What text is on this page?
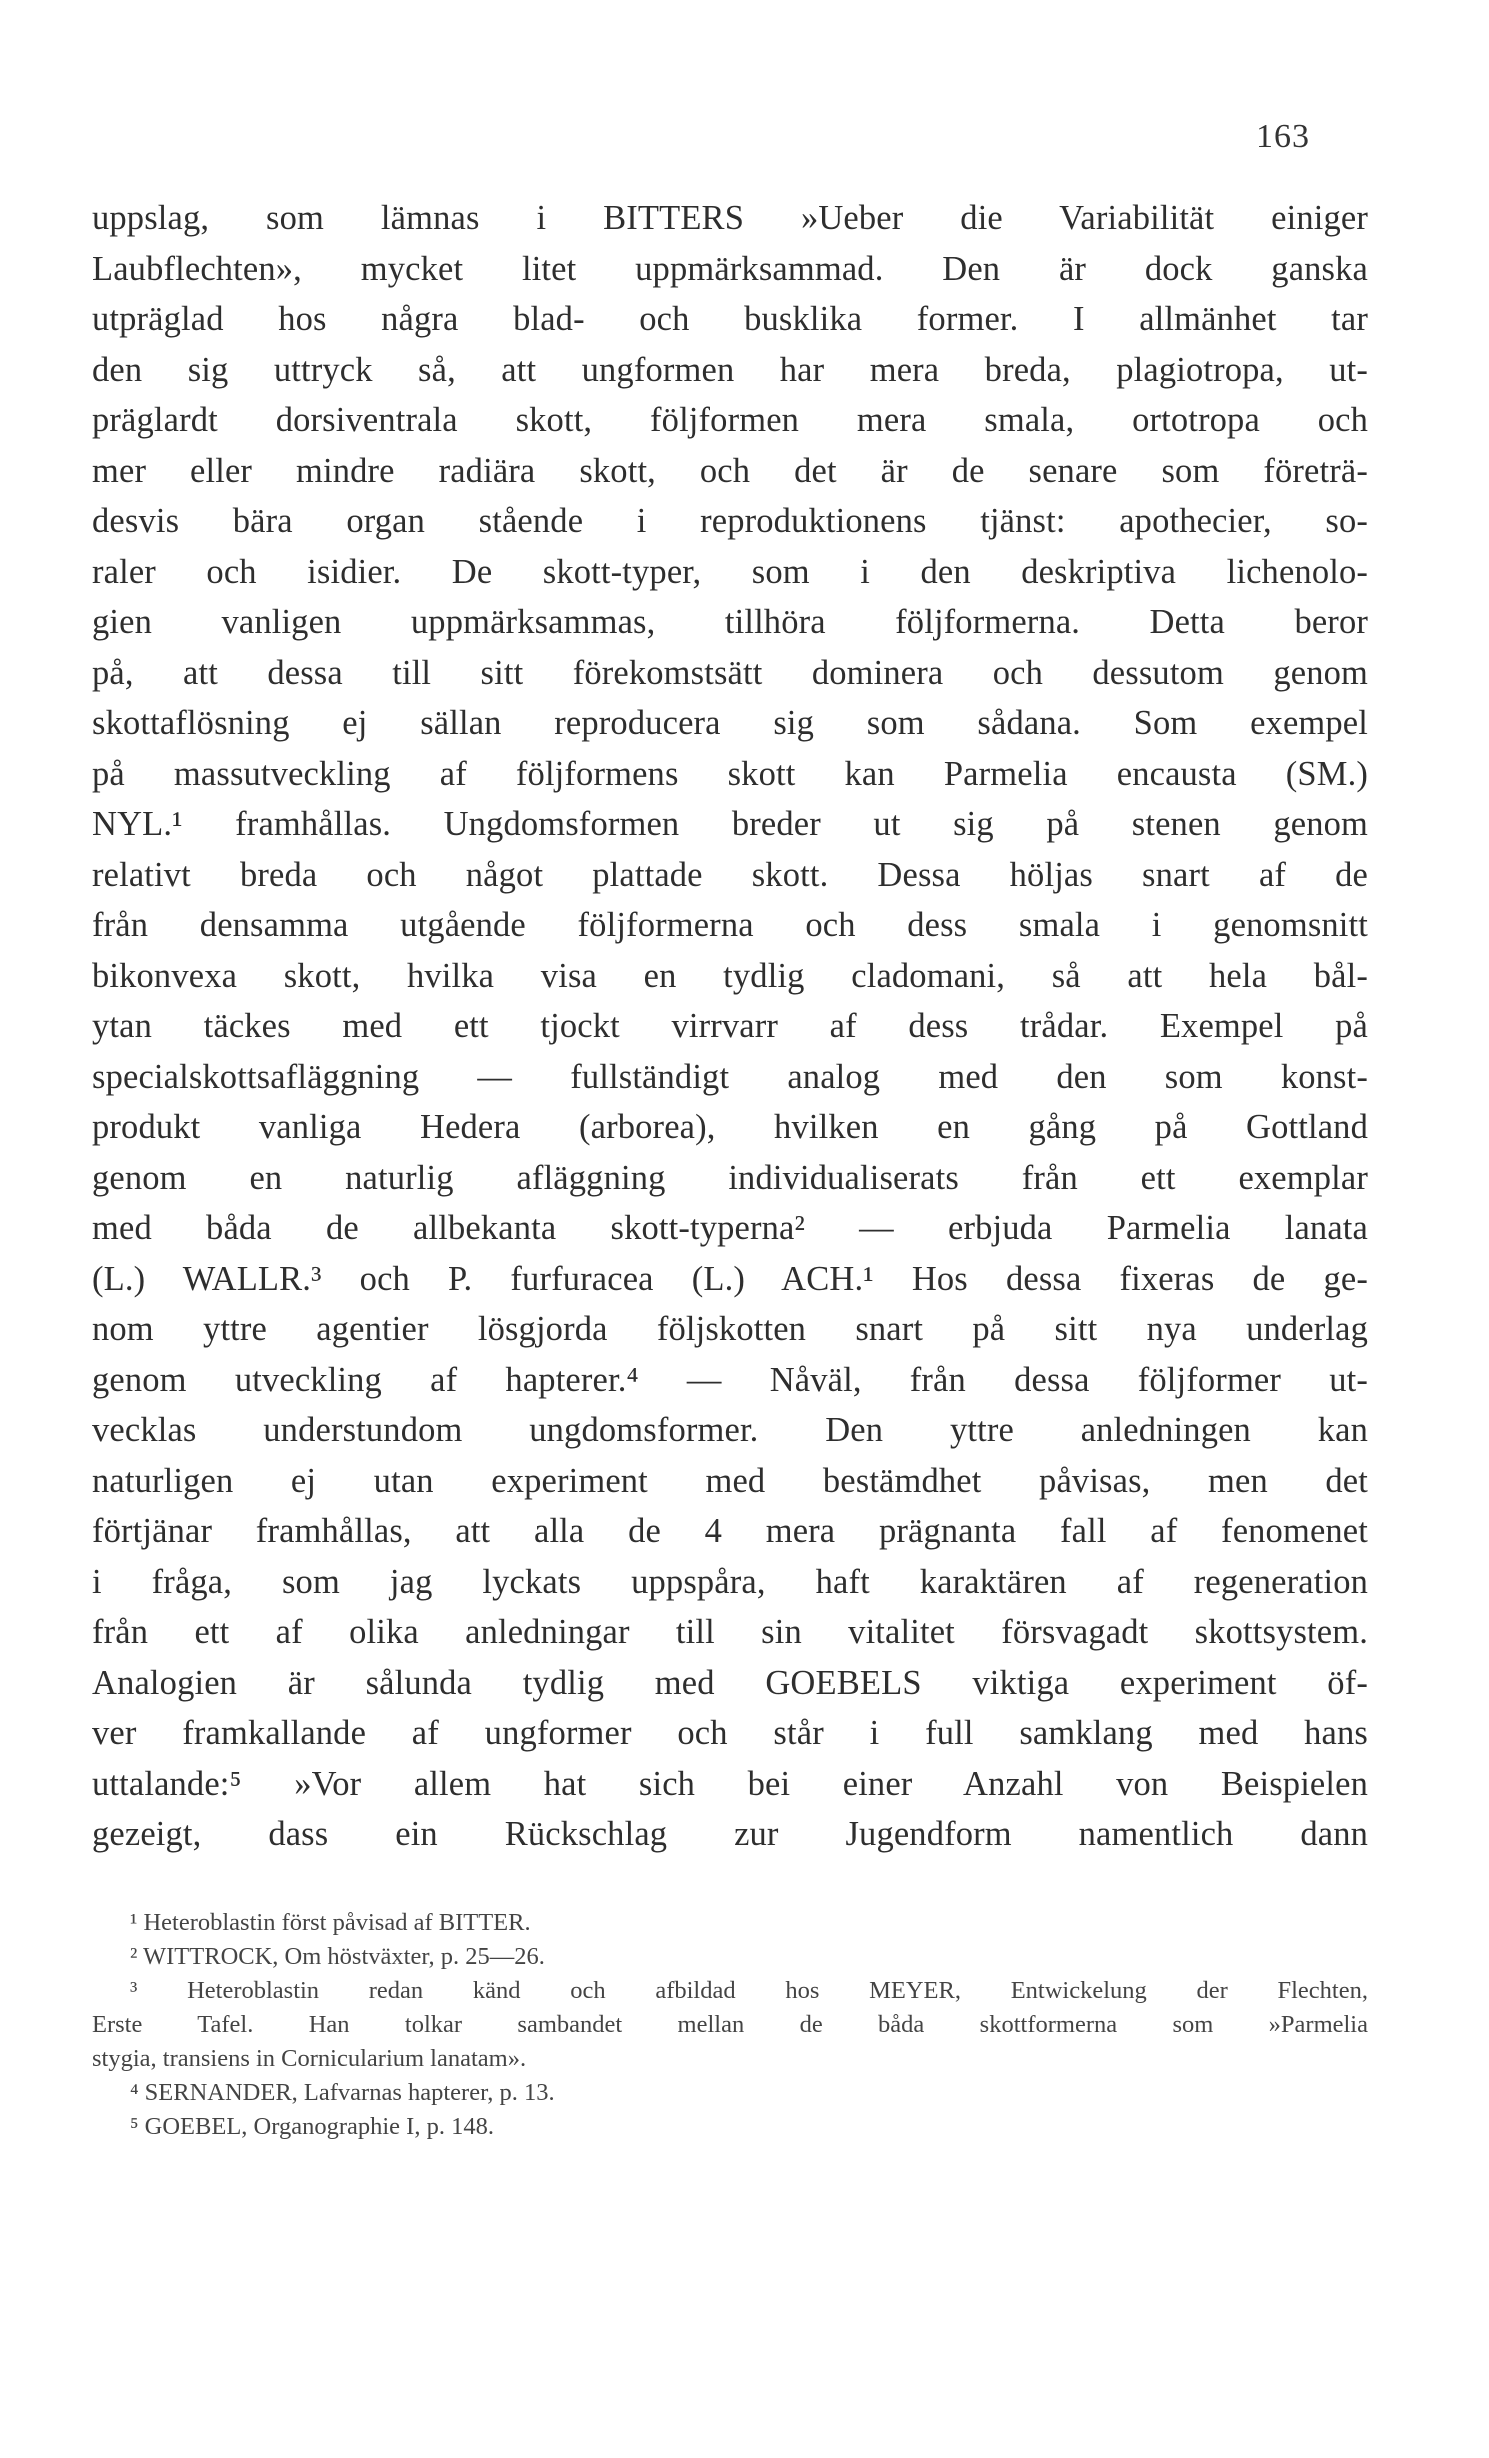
163
uppslag, som lämnas i BITTERS »Ueber die Variabilität einiger
Laubflechten», mycket litet uppmärksammad. Den är dock ganska
utpräglad hos några blad- och busklika former. I allmänhet tar
den sig uttryck så, att ungformen har mera breda, plagiotropa, ut-
präglardt dorsiventrala skott, följformen mera smala, ortotropa och
mer eller mindre radiära skott, och det är de senare som företrä-
desvis bära organ stående i reproduktionens tjänst: apothecier, so-
raler och isidier. De skott-typer, som i den deskriptiva lichenolo-
gien vanligen uppmärksammas, tillhöra följformerna. Detta beror
på, att dessa till sitt förekomstsätt dominera och dessutom genom
skottaflösning ej sällan reproducera sig som sådana. Som exempel
på massutveckling af följformens skott kan Parmelia encausta (SM.)
NYL.¹ framhållas. Ungdomsformen breder ut sig på stenen genom
relativt breda och något plattade skott. Dessa höljas snart af de
från densamma utgående följformerna och dess smala i genomsnitt
bikonvexa skott, hvilka visa en tydlig cladomani, så att hela bål-
ytan täckes med ett tjockt virrvarr af dess trådar. Exempel på
specialskottsafläggning — fullständigt analog med den som konst-
produkt vanliga Hedera (arborea), hvilken en gång på Gottland
genom en naturlig afläggning individualiserats från ett exemplar
med båda de allbekanta skott-typerna² — erbjuda Parmelia lanata
(L.) WALLR.³ och P. furfuracea (L.) ACH.¹ Hos dessa fixeras de ge-
nom yttre agentier lösgjorda följskotten snart på sitt nya underlag
genom utveckling af hapterer.⁴ — Nåväl, från dessa följformer ut-
vecklas understundom ungdomsformer. Den yttre anledningen kan
naturligen ej utan experiment med bestämdhet påvisas, men det
förtjänar framhållas, att alla de 4 mera prägnanta fall af fenomenet
i fråga, som jag lyckats uppspåra, haft karaktären af regeneration
från ett af olika anledningar till sin vitalitet försvagadt skottsystem.
Analogien är sålunda tydlig med GOEBELS viktiga experiment öf-
ver framkallande af ungformer och står i full samklang med hans
uttalande:⁵ »Vor allem hat sich bei einer Anzahl von Beispielen
gezeigt, dass ein Rückschlag zur Jugendform namentlich dann
¹ Heteroblastin först påvisad af BITTER.
² WITTROCK, Om höstväxter, p. 25—26.
³ Heteroblastin redan känd och afbildad hos MEYER, Entwickelung der Flechten,
Erste Tafel. Han tolkar sambandet mellan de båda skottformerna som »Parmelia
stygia, transiens in Cornicularium lanatam».
⁴ SERNANDER, Lafvarnas hapterer, p. 13.
⁵ GOEBEL, Organographie I, p. 148.
